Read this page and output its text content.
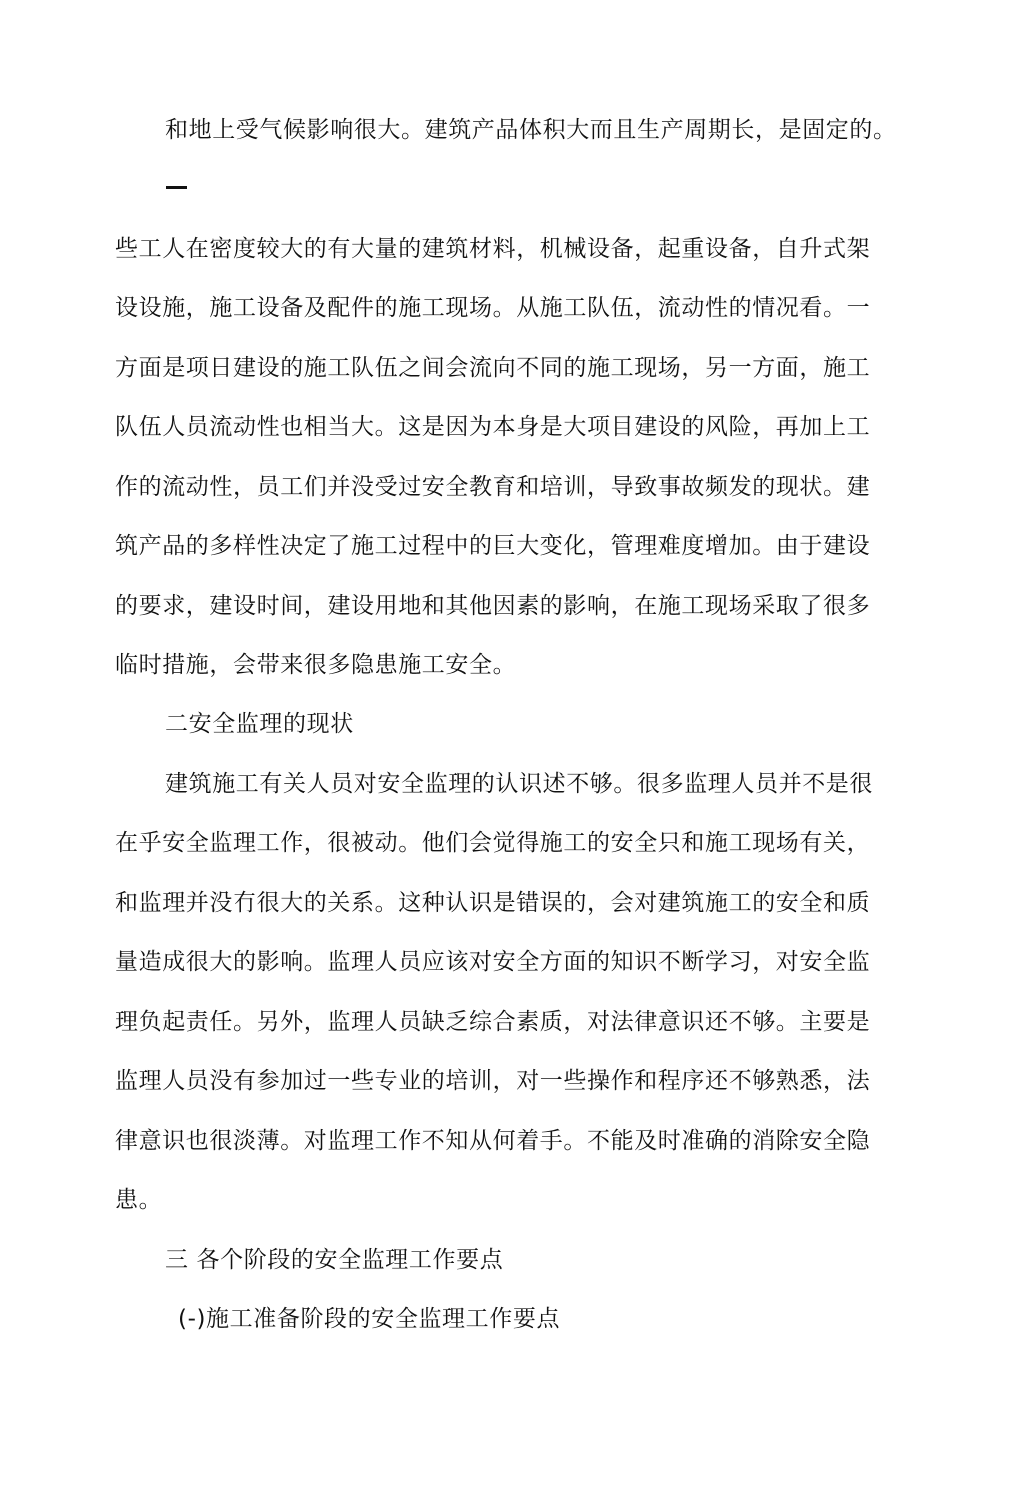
和地上受气候影响很大。建筑产品体积大而且生产周期长，是固定的。
些工人在密度较大的有大量的建筑材料，机械设备，起重设备，自升式架
设设施，施工设备及配件的施工现场。从施工队伍，流动性的情况看。一
方面是项日建设的施工队伍之间会流向不同的施工现场，另一方面，施工
队伍人员流动性也相当大。这是因为本身是大项目建设的风险，再加上工
作的流动性，员工们并没受过安全教育和培训，导致事故频发的现状。建
筑产品的多样性决定了施工过程中的巨大变化，管理难度增加。由于建设
的要求，建设时间，建设用地和其他因素的影响，在施工现场采取了很多
临时措施，会带来很多隐患施工安全。
二安全监理的现状
建筑施工有关人员对安全监理的认识述不够。很多监理人员并不是很
在乎安全监理工作，很被动。他们会觉得施工的安全只和施工现场有关，
和监理并没冇很大的关系。这种认识是错误的，会对建筑施工的安全和质
量造成很大的影响。监理人员应该对安全方面的知识不断学习，对安全监
理负起责任。另外，监理人员缺乏综合素质，对法律意识还不够。主要是
监理人员没有参加过一些专业的培训，对一些操作和程序还不够熟悉，法
律意识也很淡薄。对监理工作不知从何着手。不能及时准确的消除安全隐
患。
三 各个阶段的安全监理工作要点
(-)施工准备阶段的安全监理工作要点
